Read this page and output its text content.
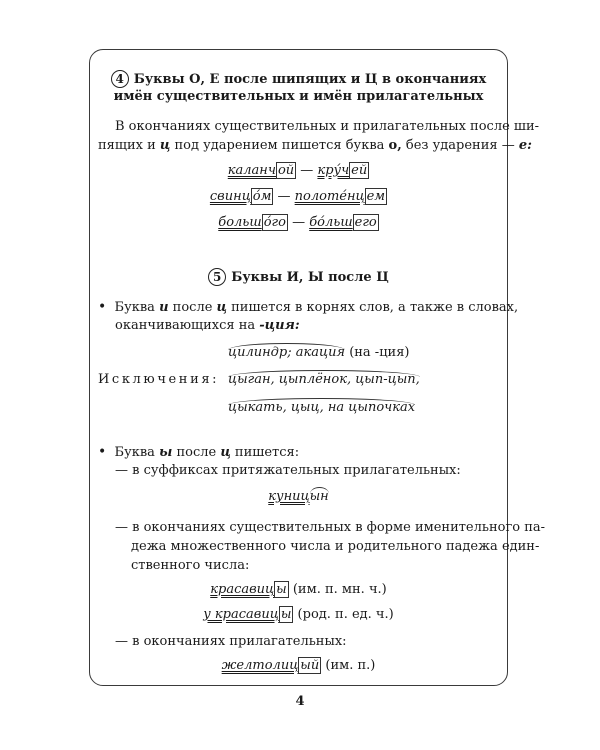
4 Буквы О, Е после шипящих и Ц в окончаниях
имён существительных и имён прилагательных
В окончаниях существительных и прилагательных после ши-
пящих и ц под ударением пишется буква о, без ударения — е:
каланч ой — кру́ч ей
свинц о́м — полоте́нц ем
больш о́го — бо́льш его
5 Буквы И, Ы после Ц
• Буква и после ц пишется в корнях слов, а также в словах,
оканчивающихся на -ция:
цилиндр; акация (на -ция)
Исключения: цыган, цыплёнок, цып-цып,
цыкать, цыц, на цыпочках
• Буква ы после ц пишется:
— в суффиксах притяжательных прилагательных:
куницын
— в окончаниях существительных в форме именительного па-
дежа множественного числа и родительного падежа един-
ственного числа:
красавиц ы (им. п. мн. ч.)
у красавиц ы (род. п. ед. ч.)
— в окончаниях прилагательных:
желтолиц ый (им. п.)
4
